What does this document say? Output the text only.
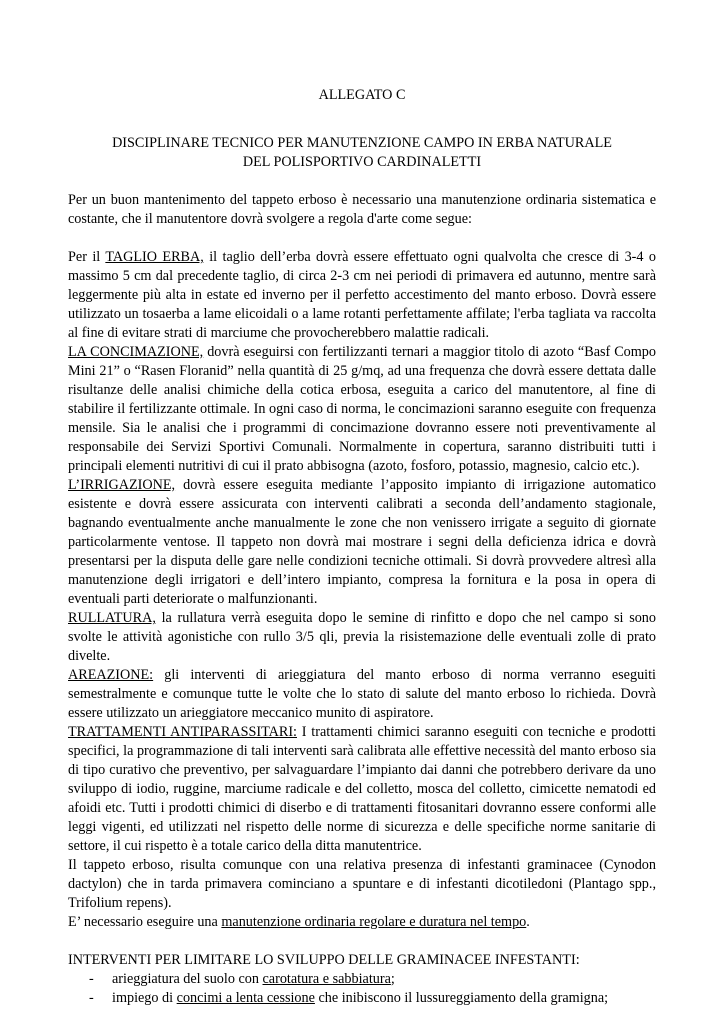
ALLEGATO C
DISCIPLINARE TECNICO PER MANUTENZIONE CAMPO IN ERBA NATURALE
DEL POLISPORTIVO CARDINALETTI

Per un buon mantenimento del tappeto erboso è necessario una manutenzione ordinaria sistematica e costante, che il manutentore dovrà svolgere a regola d'arte come segue:

Per il TAGLIO ERBA, il taglio dell’erba dovrà essere effettuato ogni qualvolta che cresce di 3-4 o massimo 5 cm dal precedente taglio, di circa 2-3 cm nei periodi di primavera ed autunno, mentre sarà leggermente più alta in estate ed inverno per il perfetto accestimento del manto erboso. Dovrà essere utilizzato un tosaerba a lame elicoidali o a lame rotanti perfettamente affilate; l'erba tagliata va raccolta al fine di evitare strati di marciume che provocherebbero malattie radicali.

LA CONCIMAZIONE, dovrà eseguirsi con fertilizzanti ternari a maggior titolo di azoto “Basf Compo Mini 21” o “Rasen Floranid” nella quantità di 25 g/mq, ad una frequenza che dovrà essere dettata dalle risultanze delle analisi chimiche della cotica erbosa, eseguita a carico del manutentore, al fine di stabilire il fertilizzante ottimale. In ogni caso di norma, le concimazioni saranno eseguite con frequenza mensile. Sia le analisi che i programmi di concimazione dovranno essere noti preventivamente al responsabile dei Servizi Sportivi Comunali. Normalmente in copertura, saranno distribuiti tutti i principali elementi nutritivi di cui il prato abbisogna (azoto, fosforo, potassio, magnesio, calcio etc.).

L’IRRIGAZIONE, dovrà essere eseguita mediante l’apposito impianto di irrigazione automatico esistente e dovrà essere assicurata con interventi calibrati a seconda dell’andamento stagionale, bagnando eventualmente anche manualmente le zone che non venissero irrigate a seguito di giornate particolarmente ventose. Il tappeto non dovrà mai mostrare i segni della deficienza idrica e dovrà presentarsi per la disputa delle gare nelle condizioni tecniche ottimali. Si dovrà provvedere altresì alla manutenzione degli irrigatori e dell’intero impianto, compresa la fornitura e la posa in opera di eventuali parti deteriorate o malfunzionanti.

RULLATURA, la rullatura verrà eseguita dopo le semine di rinfitto e dopo che nel campo si sono svolte le attività agonistiche con rullo 3/5 qli, previa la risistemazione delle eventuali zolle di prato divelte.

AREAZIONE: gli interventi di arieggiatura del manto erboso di norma verranno eseguiti semestralmente e comunque tutte le volte che lo stato di salute del manto erboso lo richieda. Dovrà essere utilizzato un arieggiatore meccanico munito di aspiratore.

TRATTAMENTI ANTIPARASSITARI: I trattamenti chimici saranno eseguiti con tecniche e prodotti specifici, la programmazione di tali interventi sarà calibrata alle effettive necessità del manto erboso sia di tipo curativo che preventivo, per salvaguardare l’impianto dai danni che potrebbero derivare da uno sviluppo di iodio, ruggine, marciume radicale e del colletto, mosca del colletto, cimicette nematodi ed afoidi etc. Tutti i prodotti chimici di diserbo e di trattamenti fitosanitari dovranno essere conformi alle leggi vigenti, ed utilizzati nel rispetto delle norme di sicurezza e delle specifiche norme sanitarie di settore, il cui rispetto è a totale carico della ditta manutentrice.

Il tappeto erboso, risulta comunque con una relativa presenza di infestanti graminacee (Cynodon dactylon) che in tarda primavera cominciano a spuntare e di infestanti dicotiledoni (Plantago spp., Trifolium repens).

E’ necessario eseguire una manutenzione ordinaria regolare e duratura nel tempo.

INTERVENTI PER LIMITARE LO SVILUPPO DELLE GRAMINACEE INFESTANTI:
- arieggiatura del suolo con carotatura e sabbiatura;
- impiego di concimi a lenta cessione che inibiscono il lussureggiamento della gramigna;
